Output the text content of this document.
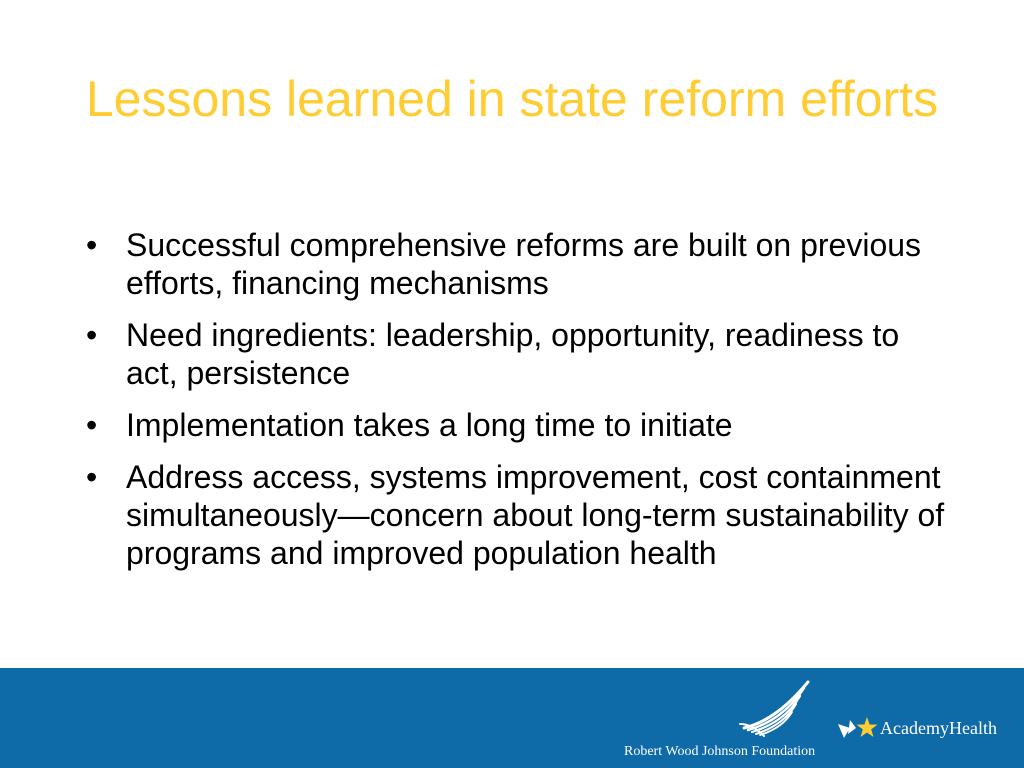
Lessons learned in state reform efforts
• Successful comprehensive reforms are built on previous efforts, financing mechanisms
• Need ingredients: leadership, opportunity, readiness to act, persistence
• Implementation takes a long time to initiate
• Address access, systems improvement, cost containment simultaneously—concern about long-term sustainability of programs and improved population health
Robert Wood Johnson Foundation
AcademyHealth
